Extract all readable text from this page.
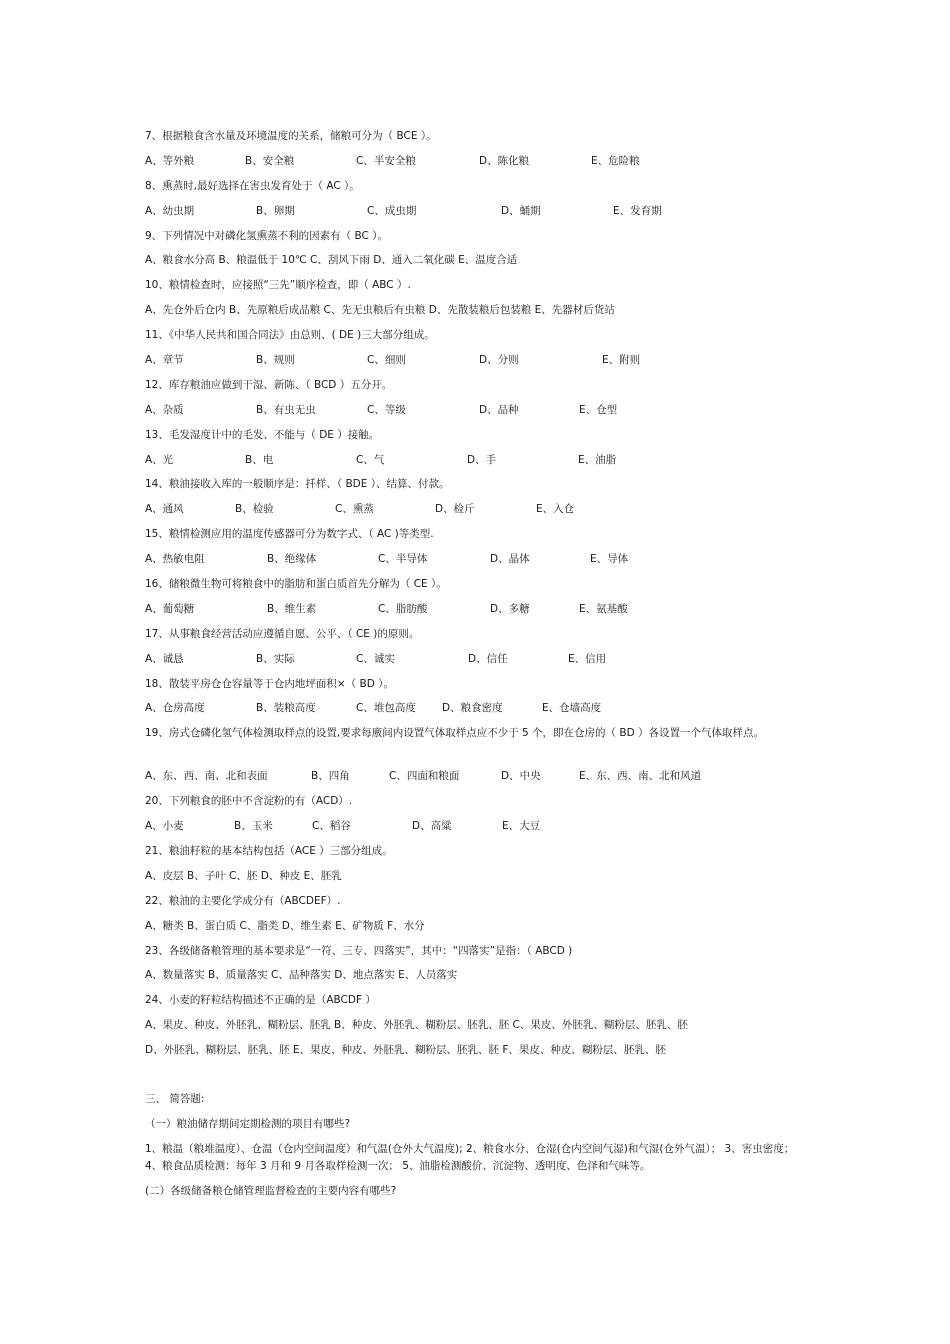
7、根据粮食含水量及环境温度的关系，储粮可分为（ BCE ）。
A、等外粮	B、安全粮	C、半安全粮	D、陈化粮	E、危险粮
8、熏蒸时,最好选择在害虫发育处于（ AC ）。
A、幼虫期	B、卵期	C、成虫期	D、蛹期	E、发育期
9、下列情况中对磷化氢熏蒸不利的因素有（ BC ）。
A、粮食水分高 B、粮温低于 10℃ C、刮风下雨 D、通入二氧化碳 E、温度合适
10、粮情检查时，应接照“三先”顺序检查，即（ ABC ）.
A、先仓外后仓内 B、先原粮后成品粮 C、先无虫粮后有虫粮 D、先散装粮后包装粮 E、先器材后货站
11、《中华人民共和国合同法》由总则、( DE )三大部分组成。
A、章节	B、规则	C、细则	D、分则	E、附则
12、库存粮油应做到干湿、新陈、（ BCD ）五分开。
A、杂质	B、有虫无虫	C、等级	D、品种	E、仓型
13、毛发湿度计中的毛发、不能与（ DE ）接触。
A、光	B、电	C、气	D、手	E、油脂
14、粮油接收入库的一般顺序是：扦样、（ BDE ）、结算、付款。
A、通风	B、检验	C、熏蒸	D、检斤	E、入仓
15、粮情检测应用的温度传感器可分为数字式、（ AC )等类型.
A、热敏电阻	B、绝缘体	C、半导体	D、晶体	E、导体
16、储粮微生物可将粮食中的脂肪和蛋白质首先分解为（ CE ）。
A、葡萄糖	B、维生素	C、脂肪酸	D、多糖	E、氨基酸
17、从事粮食经营活动应遵循自愿、公平、（ CE )的原则。
A、诚恳	B、实际	C、诚实	D、信任	E、信用
18、散装平房仓仓容量等于仓内地坪面积×（ BD ）。
A、仓房高度	B、装粮高度	C、堆包高度 D、粮食密度	E、仓墙高度
19、房式仓磷化氢气体检测取样点的设置,要求每廒间内设置气体取样点应不少于 5 个，即在仓房的（ BD ）各设置一个气体取样点。
A、东、西、南、北和表面	B、四角	C、四面和粮面	D、中央	E、东、西、南、北和风道
20、下列粮食的胚中不含淀粉的有（ACD）.
A、小麦	B、玉米	C、稻谷	D、高粱	E、大豆
21、粮油籽粒的基本结构包括（ACE ）三部分组成。
A、皮层 B、子叶 C、胚 D、种皮 E、胚乳
22、粮油的主要化学成分有（ABCDEF）.
A、糖类 B、蛋白质 C、脂类 D、维生素 E、矿物质 F、水分
23、各级储备粮管理的基本要求是“一符、三专、四落实”，其中：“四落实”是指：（ ABCD )
A、数量落实 B、质量落实 C、品种落实 D、地点落实 E、人员落实
24、小麦的籽粒结构描述不正确的是（ABCDF ）
A、果皮、种皮、外胚乳、糊粉层、胚乳 B、种皮、外胚乳、糊粉层、胚乳、胚 C、果皮、外胚乳、糊粉层、胚乳、胚
D、外胚乳、糊粉层、胚乳、胚 E、果皮、种皮、外胚乳、糊粉层、胚乳、胚 F、果皮、种皮、糊粉层、胚乳、胚
三、 简答题:
（一）粮油储存期间定期检测的项目有哪些?
1、粮温（粮堆温度）、仓温（仓内空间温度）和气温(仓外大气温度); 2、粮食水分、仓湿(仓内空间气湿)和气湿(仓外气温）； 3、害虫密度； 4、粮食品质检测：每年 3 月和 9 月各取样检测一次； 5、油脂检测酸价、沉淀物、透明度、色泽和气味等。
(二）各级储备粮仓储管理监督检查的主要内容有哪些?
